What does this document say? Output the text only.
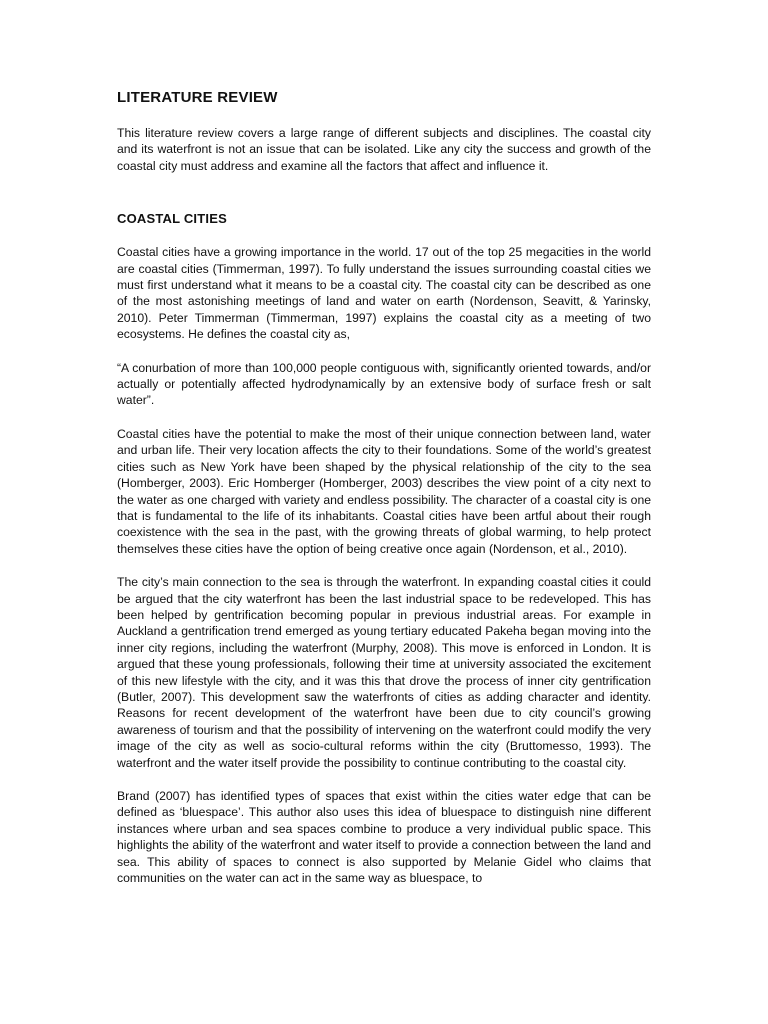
LITERATURE REVIEW

This literature review covers a large range of different subjects and disciplines. The coastal city and its waterfront is not an issue that can be isolated. Like any city the success and growth of the coastal city must address and examine all the factors that affect and influence it.

COASTAL CITIES

Coastal cities have a growing importance in the world. 17 out of the top 25 megacities in the world are coastal cities (Timmerman, 1997). To fully understand the issues surrounding coastal cities we must first understand what it means to be a coastal city. The coastal city can be described as one of the most astonishing meetings of land and water on earth (Nordenson, Seavitt, & Yarinsky, 2010). Peter Timmerman (Timmerman, 1997) explains the coastal city as a meeting of two ecosystems. He defines the coastal city as,

“A conurbation of more than 100,000 people contiguous with, significantly oriented towards, and/or actually or potentially affected hydrodynamically by an extensive body of surface fresh or salt water”.

Coastal cities have the potential to make the most of their unique connection between land, water and urban life. Their very location affects the city to their foundations. Some of the world’s greatest cities such as New York have been shaped by the physical relationship of the city to the sea (Homberger, 2003). Eric Homberger (Homberger, 2003) describes the view point of a city next to the water as one charged with variety and endless possibility. The character of a coastal city is one that is fundamental to the life of its inhabitants. Coastal cities have been artful about their rough coexistence with the sea in the past, with the growing threats of global warming, to help protect themselves these cities have the option of being creative once again (Nordenson, et al., 2010).

The city’s main connection to the sea is through the waterfront. In expanding coastal cities it could be argued that the city waterfront has been the last industrial space to be redeveloped. This has been helped by gentrification becoming popular in previous industrial areas. For example in Auckland a gentrification trend emerged as young tertiary educated Pakeha began moving into the inner city regions, including the waterfront (Murphy, 2008). This move is enforced in London. It is argued that these young professionals, following their time at university associated the excitement of this new lifestyle with the city, and it was this that drove the process of inner city gentrification (Butler, 2007). This development saw the waterfronts of cities as adding character and identity. Reasons for recent development of the waterfront have been due to city council’s growing awareness of tourism and that the possibility of intervening on the waterfront could modify the very image of the city as well as socio-cultural reforms within the city (Bruttomesso, 1993). The waterfront and the water itself provide the possibility to continue contributing to the coastal city.

Brand (2007) has identified types of spaces that exist within the cities water edge that can be defined as ‘bluespace’. This author also uses this idea of bluespace to distinguish nine different instances where urban and sea spaces combine to produce a very individual public space. This highlights the ability of the waterfront and water itself to provide a connection between the land and sea. This ability of spaces to connect is also supported by Melanie Gidel who claims that communities on the water can act in the same way as bluespace, to
